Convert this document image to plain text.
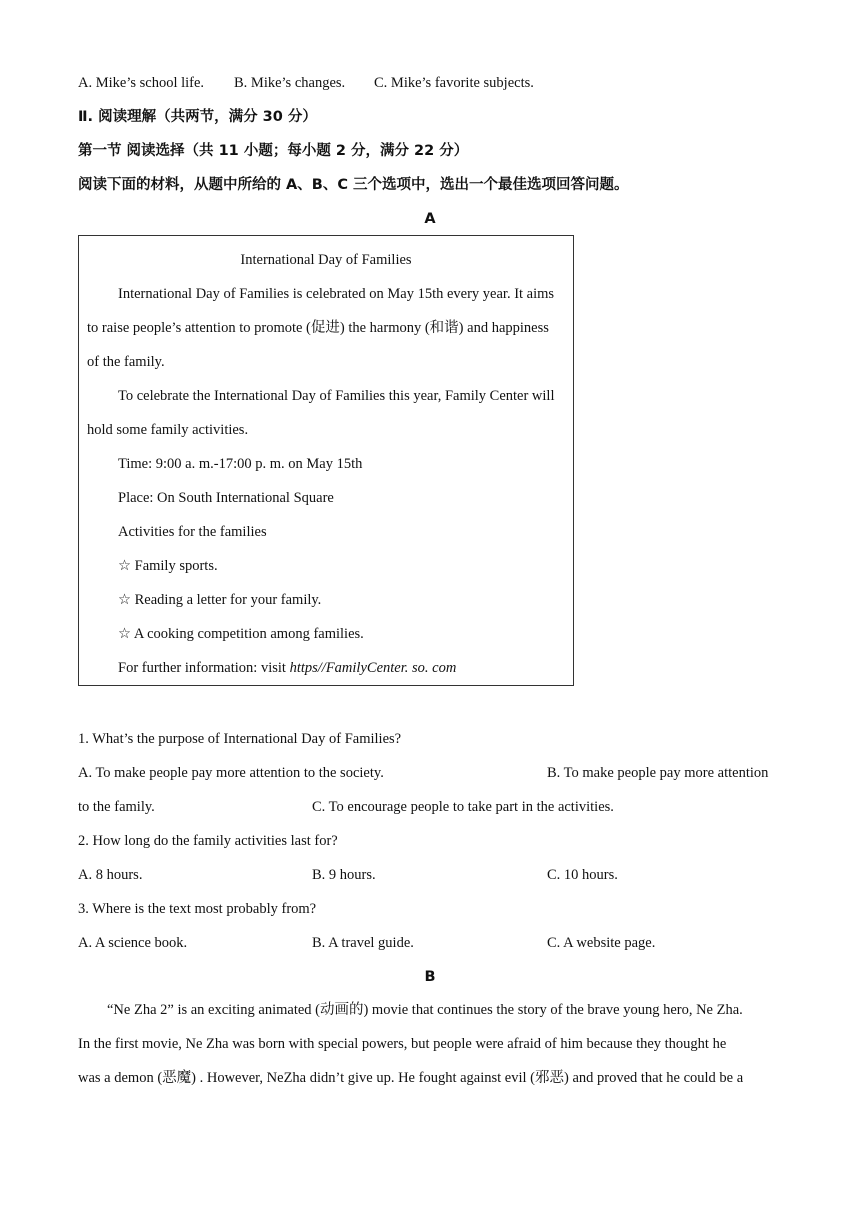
A. Mike’s school life. B. Mike’s changes. C. Mike’s favorite subjects.
Ⅱ. 阅读理解（共两节，满分 30 分）
第一节 阅读选择（共 11 小题；每小题 2 分，满分 22 分）
阅读下面的材料，从题中所给的 A、B、C 三个选项中，选出一个最佳选项回答问题。
A
International Day of Families
International Day of Families is celebrated on May 15th every year. It aims
to raise people’s attention to promote (促进) the harmony (和谐) and happiness
of the family.
To celebrate the International Day of Families this year, Family Center will
hold some family activities.
Time: 9:00 a. m.-17:00 p. m. on May 15th
Place: On South International Square
Activities for the families
☆ Family sports.
☆ Reading a letter for your family.
☆ A cooking competition among families.
For further information: visit https//FamilyCenter. so. com
1. What’s the purpose of International Day of Families?
A. To make people pay more attention to the society.	B. To make people pay more attention
to the family.	C. To encourage people to take part in the activities.
2. How long do the family activities last for?
A. 8 hours.	B. 9 hours.	C. 10 hours.
3. Where is the text most probably from?
A. A science book.	B. A travel guide.	C. A website page.
B
“Ne Zha 2” is an exciting animated (动画的) movie that continues the story of the brave young hero, Ne Zha.
In the first movie, Ne Zha was born with special powers, but people were afraid of him because they thought he
was a demon (恶魔) . However, NeZha didn’t give up. He fought against evil (邪恶) and proved that he could be a
